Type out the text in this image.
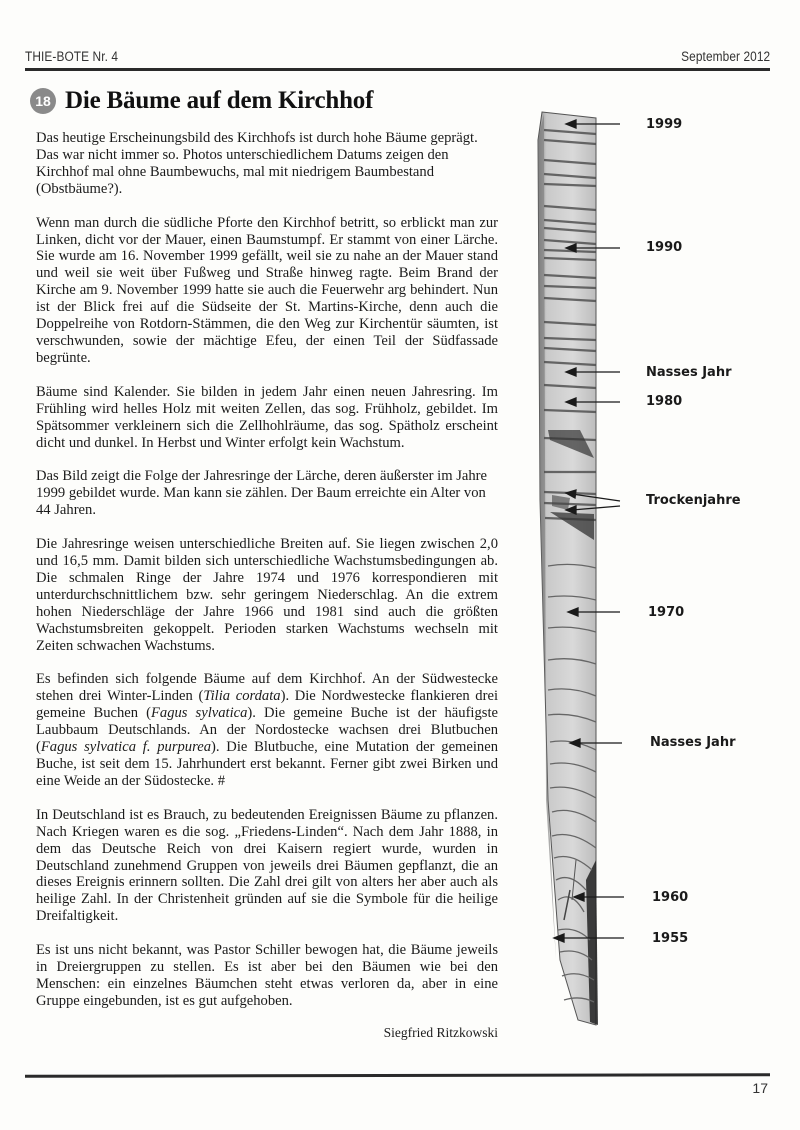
THIE-BOTE Nr. 4	September 2012
18 Die Bäume auf dem Kirchhof

Das heutige Erscheinungsbild des Kirchhofs ist durch hohe Bäume geprägt. Das war nicht immer so. Photos unterschiedlichem Datums zeigen den Kirchhof mal ohne Baumbewuchs, mal mit niedrigem Baumbestand (Obstbäume?).

Wenn man durch die südliche Pforte den Kirchhof betritt, so erblickt man zur Linken, dicht vor der Mauer, einen Baumstumpf. Er stammt von einer Lärche. Sie wurde am 16. November 1999 gefällt, weil sie zu nahe an der Mauer stand und weil sie weit über Fußweg und Straße hinweg ragte. Beim Brand der Kirche am 9. November 1999 hatte sie auch die Feuerwehr arg behindert. Nun ist der Blick frei auf die Südseite der St. Martins-Kirche, denn auch die Doppelreihe von Rotdorn-Stämmen, die den Weg zur Kirchentür säumten, ist verschwunden, sowie der mächtige Efeu, der einen Teil der Südfassade begrünte.

Bäume sind Kalender. Sie bilden in jedem Jahr einen neuen Jahresring. Im Frühling wird helles Holz mit weiten Zellen, das sog. Frühholz, gebildet. Im Spätsommer verkleinern sich die Zellhohlräume, das sog. Spätholz erscheint dicht und dunkel. In Herbst und Winter erfolgt kein Wachstum.

Das Bild zeigt die Folge der Jahresringe der Lärche, deren äußerster im Jahre 1999 gebildet wurde. Man kann sie zählen. Der Baum erreichte ein Alter von 44 Jahren.

Die Jahresringe weisen unterschiedliche Breiten auf. Sie liegen zwischen 2,0 und 16,5 mm. Damit bilden sich unterschiedliche Wachstumsbedingungen ab. Die schmalen Ringe der Jahre 1974 und 1976 korrespondieren mit unterdurchschnittlichem bzw. sehr geringem Niederschlag. An die extrem hohen Niederschläge der Jahre 1966 und 1981 sind auch die größten Wachstumsbreiten gekoppelt. Perioden starken Wachstums wechseln mit Zeiten schwachen Wachstums.

Es befinden sich folgende Bäume auf dem Kirchhof. An der Südwestecke stehen drei Winter-Linden (Tilia cordata). Die Nordwestecke flankieren drei gemeine Buchen (Fagus sylvatica). Die gemeine Buche ist der häufigste Laubbaum Deutschlands. An der Nordostecke wachsen drei Blutbuchen (Fagus sylvatica f. purpurea). Die Blutbuche, eine Mutation der gemeinen Buche, ist seit dem 15. Jahrhundert erst bekannt. Ferner gibt zwei Birken und eine Weide an der Südostecke. #

In Deutschland ist es Brauch, zu bedeutenden Ereignissen Bäume zu pflanzen. Nach Kriegen waren es die sog. „Friedens-Linden“. Nach dem Jahr 1888, in dem das Deutsche Reich von drei Kaisern regiert wurde, wurden in Deutschland zunehmend Gruppen von jeweils drei Bäumen gepflanzt, die an dieses Ereignis erinnern sollten. Die Zahl drei gilt von alters her aber auch als heilige Zahl. In der Christenheit gründen auf sie die Symbole für die heilige Dreifaltigkeit.

Es ist uns nicht bekannt, was Pastor Schiller bewogen hat, die Bäume jeweils in Dreiergruppen zu stellen. Es ist aber bei den Bäumen wie bei den Menschen: ein einzelnes Bäumchen steht etwas verloren da, aber in eine Gruppe eingebunden, ist es gut aufgehoben.

Siegfried Ritzkowski
1999
1990
Nasses Jahr
1980
Trockenjahre
1970
Nasses Jahr
1960
1955
17
